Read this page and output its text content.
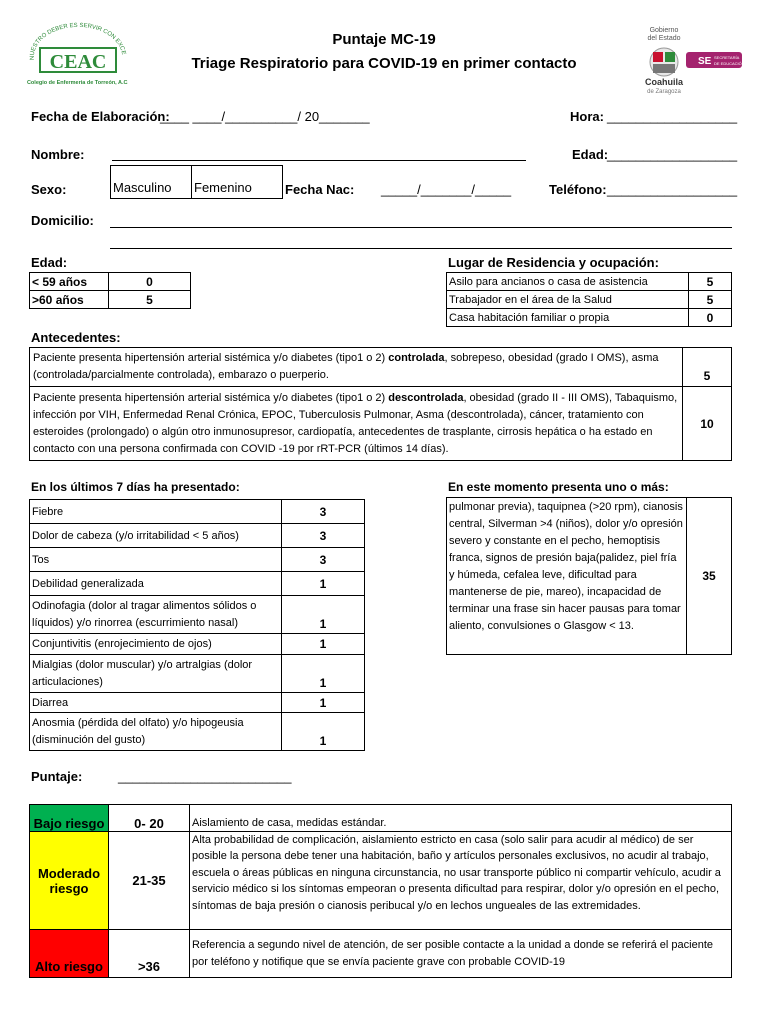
NUESTRO DEBER ES SERVIR CON EXCE
CEAC
Colegio de Enfermeria de Torreón, A.C.
Gobierno
del Estado
SE SECRETARÍA
DE EDUCACIÓN
Coahuila
de Zaragoza
Puntaje MC-19
Triage Respiratorio para COVID-19 en primer contacto
Fecha de Elaboración:
____ ____/__________/ 20_______	Hora: __________________
Nombre:	Edad:
__________________
Sexo:	Masculino	Femenino	Fecha Nac: _____/_______/_____	Teléfono: __________________
Domicilio:
Edad:
< 59 años	0
>60 años	5
Lugar de Residencia y ocupación:
Asilo para ancianos o casa de asistencia	5
Trabajador en el área de la Salud	5
Casa habitación familiar o propia	0
Antecedentes:
Paciente presenta hipertensión arterial sistémica y/o diabetes (tipo1 o 2) controlada, sobrepeso, obesidad (grado I OMS), asma (controlada/parcialmente controlada), embarazo o puerperio.	5
Paciente presenta hipertensión arterial sistémica y/o diabetes (tipo1 o 2) descontrolada, obesidad (grado II - III OMS), Tabaquismo, infección por VIH, Enfermedad Renal Crónica, EPOC, Tuberculosis Pulmonar, Asma (descontrolada), cáncer, tratamiento con esteroides (prolongado) o algún otro inmunosupresor, cardiopatía, antecedentes de trasplante, cirrosis hepática o ha estado en contacto con una persona confirmada con COVID -19 por rRT-PCR (últimos 14 días).	10
En los últimos 7 días ha presentado:
Fiebre	3
Dolor de cabeza (y/o irritabilidad < 5 años)	3
Tos	3
Debilidad generalizada	1
Odinofagia (dolor al tragar alimentos sólidos o líquidos) y/o rinorrea (escurrimiento nasal)	1
Conjuntivitis (enrojecimiento de ojos)	1
Mialgias (dolor muscular) y/o artralgias (dolor articulaciones)	1
Diarrea	1
Anosmia (pérdida del olfato) y/o hipogeusia (disminución del gusto)	1
En este momento presenta uno o más:
pulmonar previa), taquipnea (>20 rpm), cianosis central, Silverman >4 (niños), dolor y/o opresión severo y constante en el pecho, hemoptisis franca, signos de presión baja(palidez, piel fría y húmeda, cefalea leve, dificultad para mantenerse de pie, mareo), incapacidad de terminar una frase sin hacer pausas para tomar aliento, convulsiones o Glasgow < 13.	35
Puntaje:	________________________
Bajo riesgo	0- 20	Aislamiento de casa, medidas estándar.
Moderado riesgo	21-35	Alta probabilidad de complicación, aislamiento estricto en casa (solo salir para acudir al médico) de ser posible la persona debe tener una habitación, baño y artículos personales exclusivos, no acudir al trabajo, escuela o áreas públicas en ninguna circunstancia, no usar transporte público ni compartir vehículo, acudir a servicio médico si los síntomas empeoran o presenta dificultad para respirar, dolor y/o opresión en el pecho, síntomas de baja presión o cianosis peribucal y/o en lechos ungueales de las extremidades.
Alto riesgo	>36	Referencia a segundo nivel de atención, de ser posible contacte a la unidad a donde se referirá el paciente por teléfono y notifique que se envía paciente grave con probable COVID-19
